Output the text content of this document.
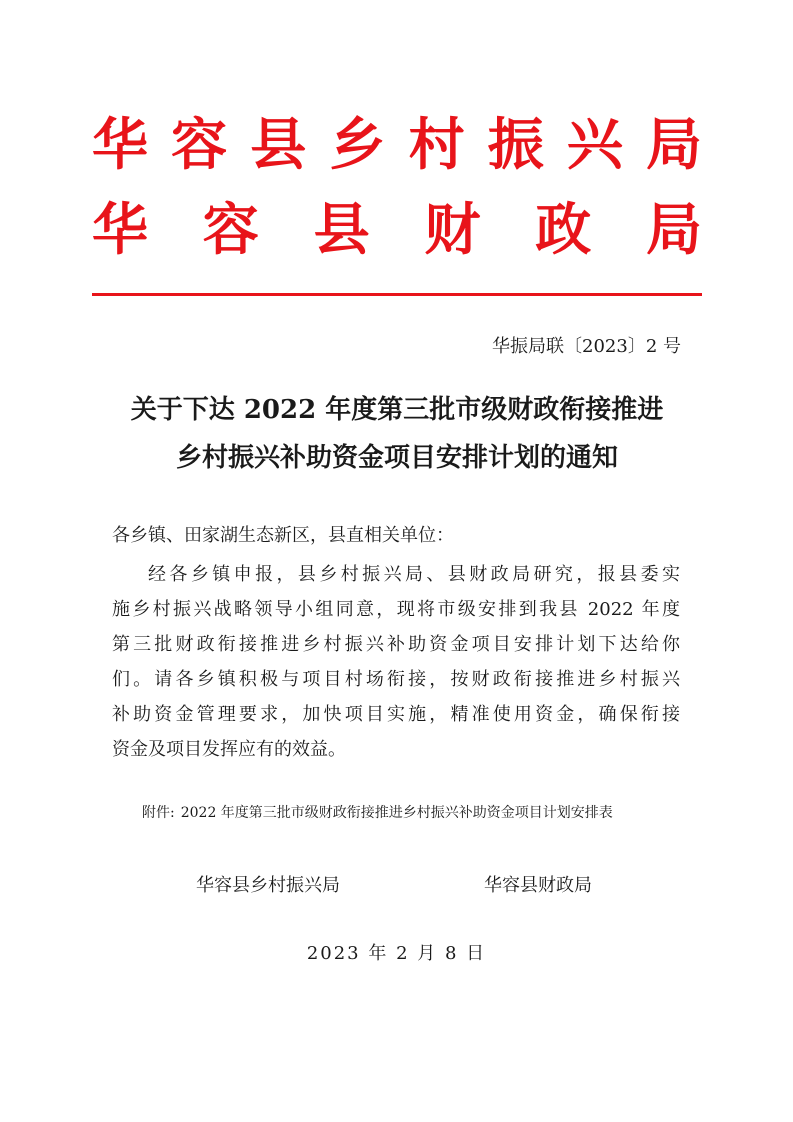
华容县乡村振兴局
华 容 县 财 政 局
华振局联〔2023〕2 号
关于下达 2022 年度第三批市级财政衔接推进
乡村振兴补助资金项目安排计划的通知
各乡镇、田家湖生态新区，县直相关单位：
经各乡镇申报，县乡村振兴局、县财政局研究，报县委实
施乡村振兴战略领导小组同意，现将市级安排到我县 2022 年度
第三批财政衔接推进乡村振兴补助资金项目安排计划下达给你
们。请各乡镇积极与项目村场衔接，按财政衔接推进乡村振兴
补助资金管理要求，加快项目实施，精准使用资金，确保衔接
资金及项目发挥应有的效益。
附件: 2022 年度第三批市级财政衔接推进乡村振兴补助资金项目计划安排表
华容县乡村振兴局	华容县财政局
2023 年 2 月 8 日
